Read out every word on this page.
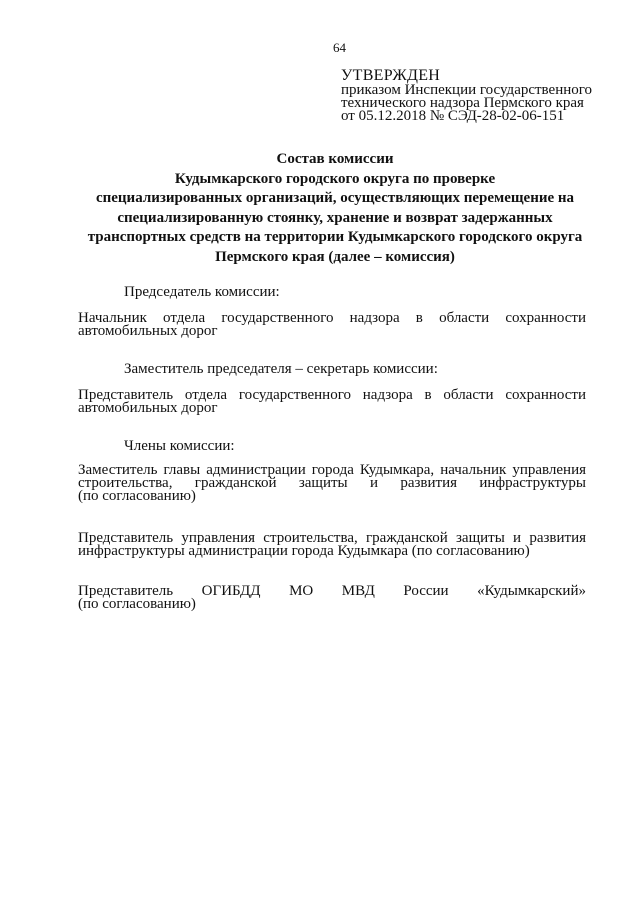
64
УТВЕРЖДЕН
приказом Инспекции государственного
технического надзора Пермского края
от 05.12.2018 № СЭД-28-02-06-151
Состав комиссии
Кудымкарского городского округа по проверке
специализированных организаций, осуществляющих перемещение на
специализированную стоянку, хранение и возврат задержанных
транспортных средств на территории Кудымкарского городского округа
Пермского края (далее – комиссия)
Председатель комиссии:
Начальник отдела государственного надзора в области сохранности
автомобильных дорог
Заместитель председателя – секретарь комиссии:
Представитель отдела государственного надзора в области сохранности
автомобильных дорог
Члены комиссии:
Заместитель главы администрации города Кудымкара, начальник управления
строительства, гражданской защиты и развития инфраструктуры
(по согласованию)
Представитель управления строительства, гражданской защиты и развития
инфраструктуры администрации города Кудымкара (по согласованию)
Представитель ОГИБДД МО МВД России «Кудымкарский»
(по согласованию)
